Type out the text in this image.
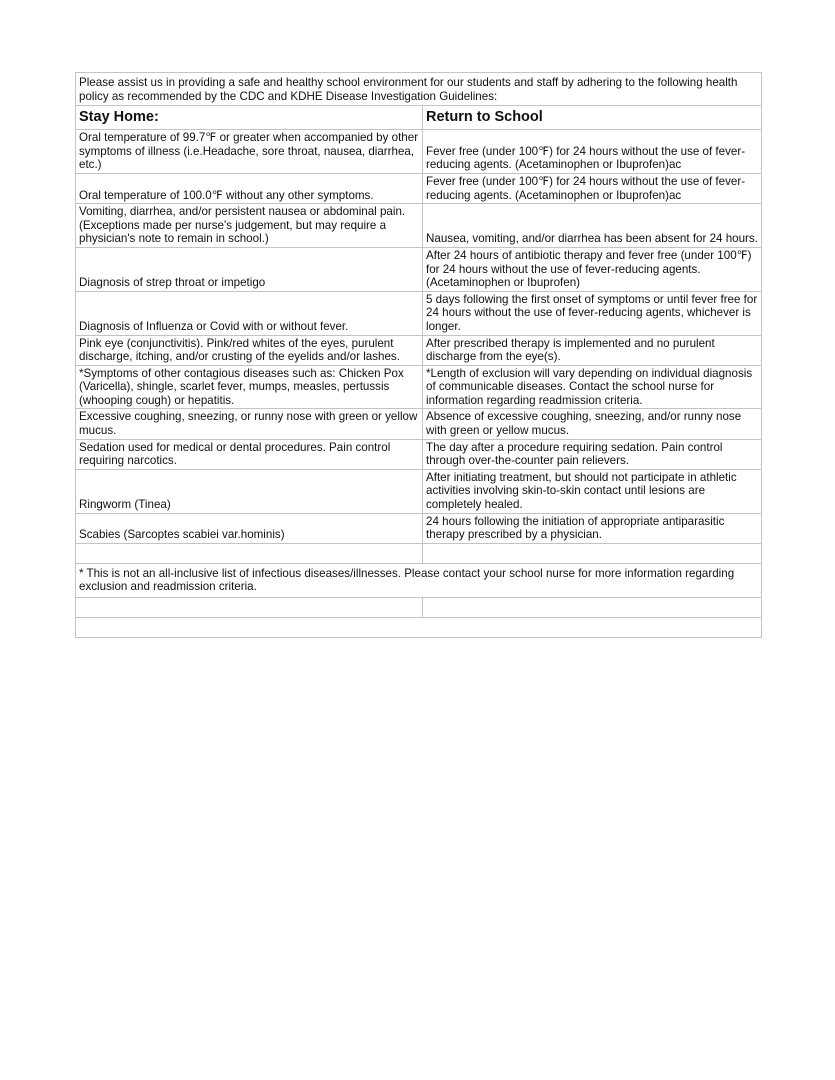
Please assist us in providing a safe and healthy school environment for our students and staff by adhering to the following health policy as recommended by the CDC and KDHE Disease Investigation Guidelines:	
Stay Home:	Return to School
Oral temperature of 99.7℉ or greater when accompanied by other symptoms of illness (i.e.Headache, sore throat, nausea, diarrhea, etc.)	Fever free (under 100℉) for 24 hours without the use of fever-reducing agents. (Acetaminophen or Ibuprofen)ac
Oral temperature of 100.0℉ without any other symptoms.	Fever free (under 100℉) for 24 hours without the use of fever-reducing agents. (Acetaminophen or Ibuprofen)ac
Vomiting, diarrhea, and/or persistent nausea or abdominal pain. (Exceptions made per nurse's judgement, but may require a physician's note to remain in school.)	Nausea, vomiting, and/or diarrhea has been absent for 24 hours.
Diagnosis of strep throat or impetigo	After 24 hours of antibiotic therapy and fever free (under 100℉) for 24 hours without the use of fever-reducing agents. (Acetaminophen or Ibuprofen)
Diagnosis of Influenza or Covid with or without fever.	5 days following the first onset of symptoms or until fever free for 24 hours without the use of fever-reducing agents, whichever is longer.
Pink eye (conjunctivitis). Pink/red whites of the eyes, purulent discharge, itching, and/or crusting of the eyelids and/or lashes.	After prescribed therapy is implemented and no purulent discharge from the eye(s).
*Symptoms of other contagious diseases such as: Chicken Pox (Varicella), shingle, scarlet fever, mumps, measles, pertussis (whooping cough) or hepatitis.	*Length of exclusion will vary depending on individual diagnosis of communicable diseases. Contact the school nurse for information regarding readmission criteria.
Excessive coughing, sneezing, or runny nose with green or yellow mucus.	Absence of excessive coughing, sneezing, and/or runny nose with green or yellow mucus.
Sedation used for medical or dental procedures. Pain control requiring narcotics.	The day after a procedure requiring sedation. Pain control through over-the-counter pain relievers.
Ringworm (Tinea)	After initiating treatment, but should not participate in athletic activities involving skin-to-skin contact until lesions are completely healed.
Scabies (Sarcoptes scabiei var.hominis)	24 hours following the initiation of appropriate antiparasitic therapy prescribed by a physician.

* This is not an all-inclusive list of infectious diseases/illnesses. Please contact your school nurse for more information regarding exclusion and readmission criteria.	
